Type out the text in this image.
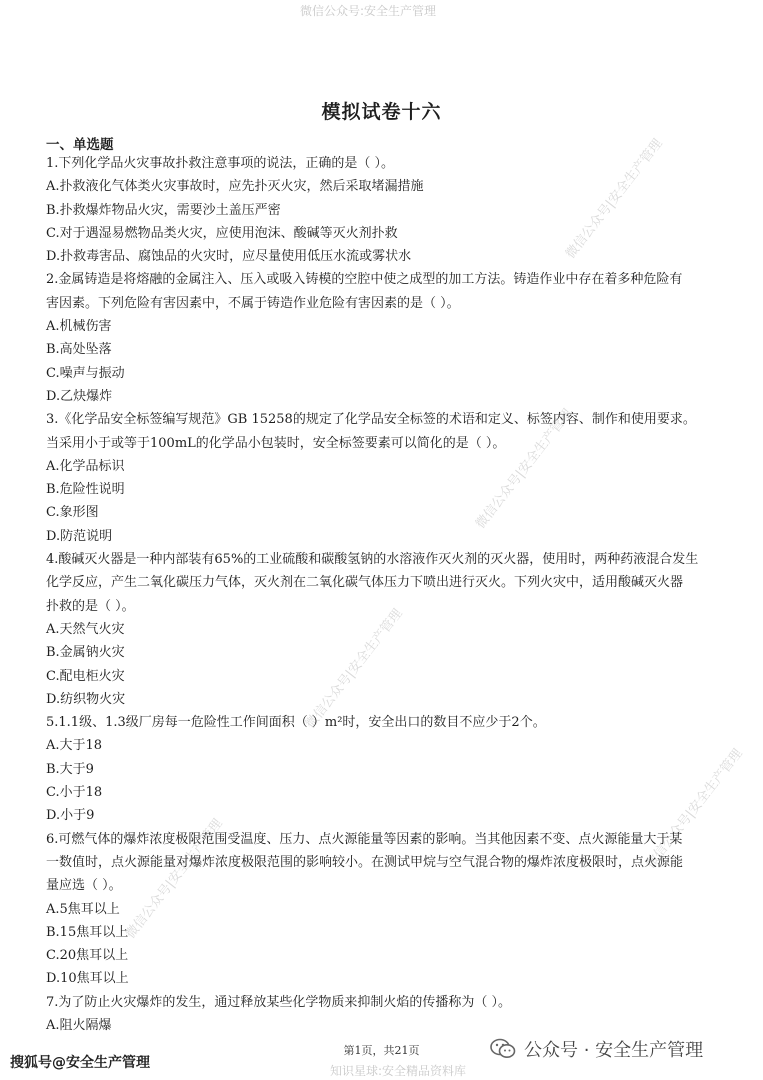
微信公众号:安全生产管理
微信公众号|安全生产管理
微信公众号|安全生产管理
微信公众号|安全生产管理
微信公众号|安全生产管理
微信公众号|安全生产管理
模拟试卷十六
一、单选题
1.下列化学品火灾事故扑救注意事项的说法，正确的是（ ）。
A.扑救液化气体类火灾事故时，应先扑灭火灾，然后采取堵漏措施
B.扑救爆炸物品火灾，需要沙土盖压严密
C.对于遇湿易燃物品类火灾，应使用泡沫、酸碱等灭火剂扑救
D.扑救毒害品、腐蚀品的火灾时，应尽量使用低压水流或雾状水
2.金属铸造是将熔融的金属注入、压入或吸入铸模的空腔中使之成型的加工方法。铸造作业中存在着多种危险有
害因素。下列危险有害因素中，不属于铸造作业危险有害因素的是（ ）。
A.机械伤害
B.高处坠落
C.噪声与振动
D.乙炔爆炸
3.《化学品安全标签编写规范》GB 15258的规定了化学品安全标签的术语和定义、标签内容、制作和使用要求。
当采用小于或等于100mL的化学品小包装时，安全标签要素可以简化的是（ ）。
A.化学品标识
B.危险性说明
C.象形图
D.防范说明
4.酸碱灭火器是一种内部装有65%的工业硫酸和碳酸氢钠的水溶液作灭火剂的灭火器，使用时，两种药液混合发生
化学反应，产生二氧化碳压力气体，灭火剂在二氧化碳气体压力下喷出进行灭火。下列火灾中，适用酸碱灭火器
扑救的是（ ）。
A.天然气火灾
B.金属钠火灾
C.配电柜火灾
D.纺织物火灾
5.1.1级、1.3级厂房每一危险性工作间面积（ ）m²时，安全出口的数目不应少于2个。
A.大于18
B.大于9
C.小于18
D.小于9
6.可燃气体的爆炸浓度极限范围受温度、压力、点火源能量等因素的影响。当其他因素不变、点火源能量大于某
一数值时，点火源能量对爆炸浓度极限范围的影响较小。在测试甲烷与空气混合物的爆炸浓度极限时，点火源能
量应选（ ）。
A.5焦耳以上
B.15焦耳以上
C.20焦耳以上
D.10焦耳以上
7.为了防止火灾爆炸的发生，通过释放某些化学物质来抑制火焰的传播称为（ ）。
A.阻火隔爆
第1页，共21页
知识星球:安全精品资料库
搜狐号@安全生产管理
公众号 · 安全生产管理
